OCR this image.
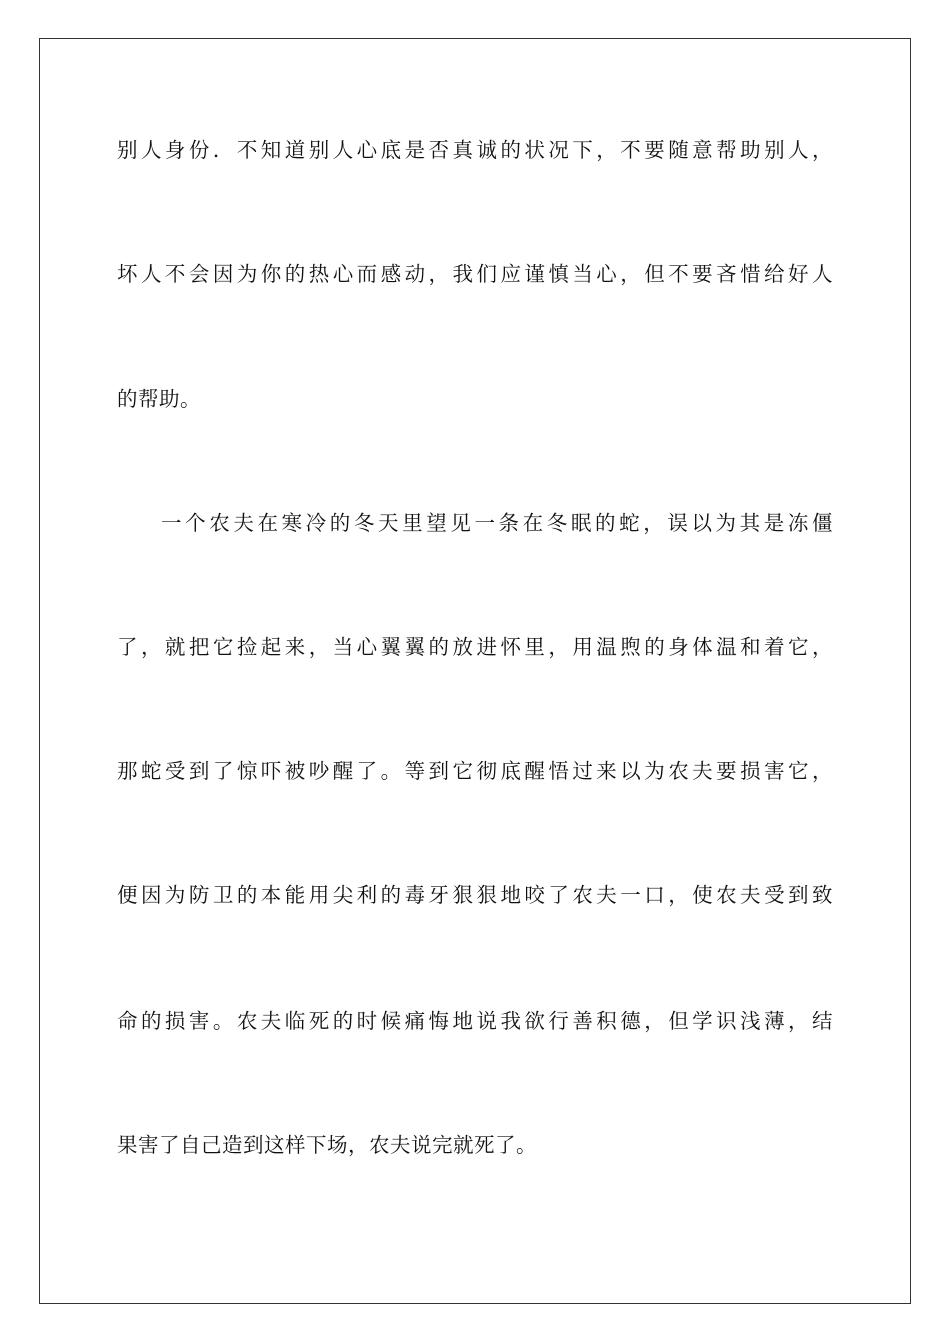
别人身份．不知道别人心底是否真诚的状况下，不要随意帮助别人，
坏人不会因为你的热心而感动，我们应谨慎当心，但不要吝惜给好人
的帮助。
一个农夫在寒冷的冬天里望见一条在冬眠的蛇，误以为其是冻僵
了，就把它捡起来，当心翼翼的放进怀里，用温煦的身体温和着它，
那蛇受到了惊吓被吵醒了。等到它彻底醒悟过来以为农夫要损害它，
便因为防卫的本能用尖利的毒牙狠狠地咬了农夫一口，使农夫受到致
命的损害。农夫临死的时候痛悔地说我欲行善积德，但学识浅薄，结
果害了自己造到这样下场，农夫说完就死了。
